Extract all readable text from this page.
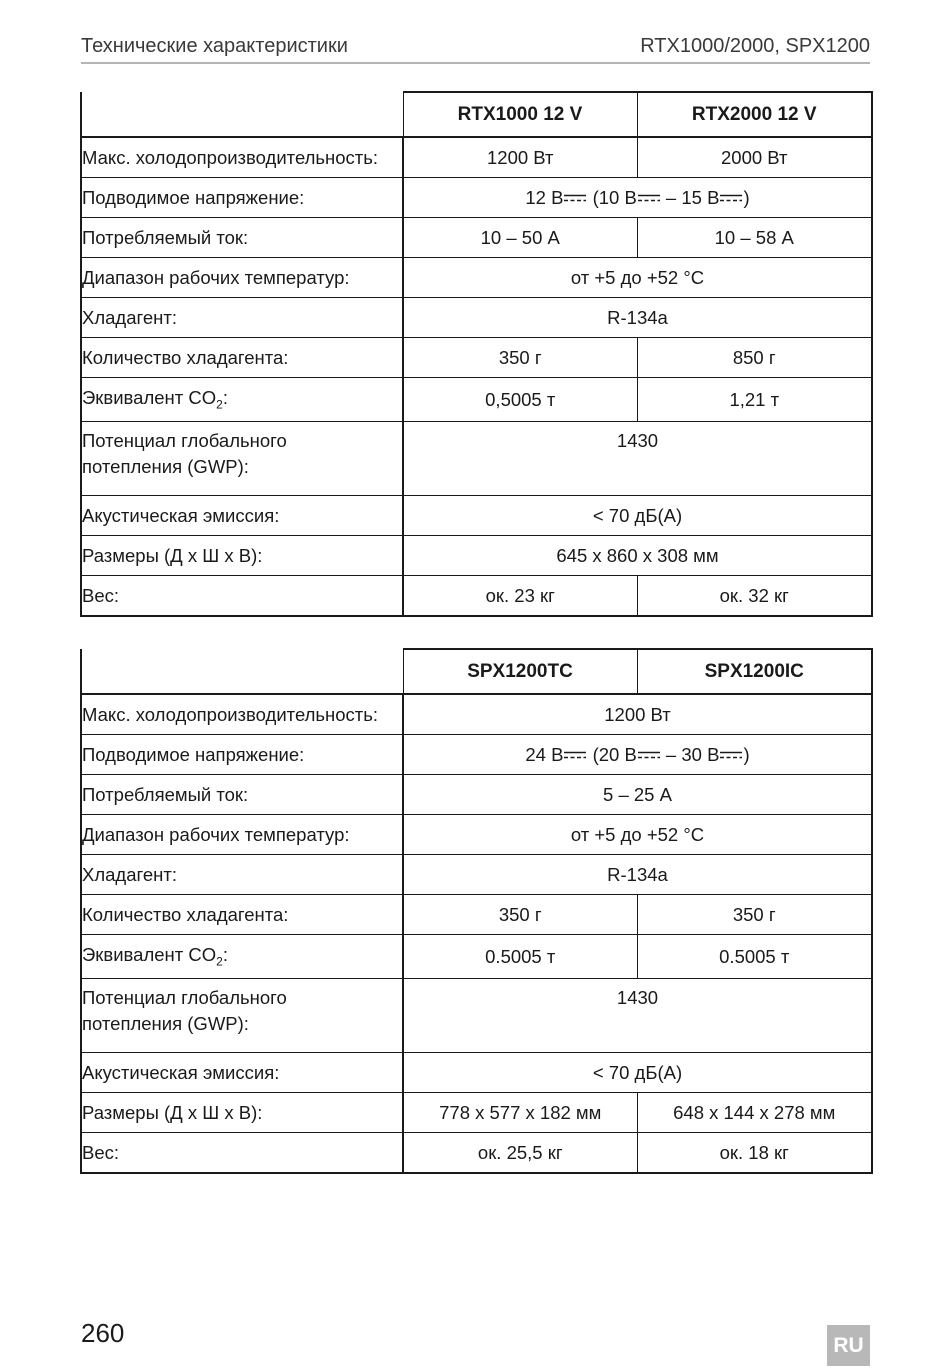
Технические характеристики	RTX1000/2000, SPX1200
	RTX1000 12 V	RTX2000 12 V
Макс. холодопроизводительность:	1200 Вт	2000 Вт
Подводимое напряжение:	12 В (10 В – 15 В )	
Потребляемый ток:	10 – 50 А	10 – 58 А
Диапазон рабочих температур:	от +5 до +52 °C	
Хладагент:	R-134a	
Количество хладагента:	350 г	850 г
Эквивалент $CO_2$:	0,5005 т	1,21 т
Потенциал глобального
потепления (GWP):	1430	
Акустическая эмиссия:	< 70 дБ(А)	
Размеры (Д x Ш x В):	645 x 860 x 308 мм	
Вес:	ок. 23 кг	ок. 32 кг
	SPX1200TC	SPX1200IC
Макс. холодопроизводительность:	1200 Вт	
Подводимое напряжение:	24 В (20 В – 30 В )	
Потребляемый ток:	5 – 25 А	
Диапазон рабочих температур:	от +5 до +52 °C	
Хладагент:	R-134a	
Количество хладагента:	350 г	350 г
Эквивалент $CO_2$:	0.5005 т	0.5005 т
Потенциал глобального
потепления (GWP):	1430	
Акустическая эмиссия:	< 70 дБ(А)	
Размеры (Д x Ш x В):	778 x 577 x 182 мм	648 x 144 x 278 мм
Вес:	ок. 25,5 кг	ок. 18 кг
260	RU
